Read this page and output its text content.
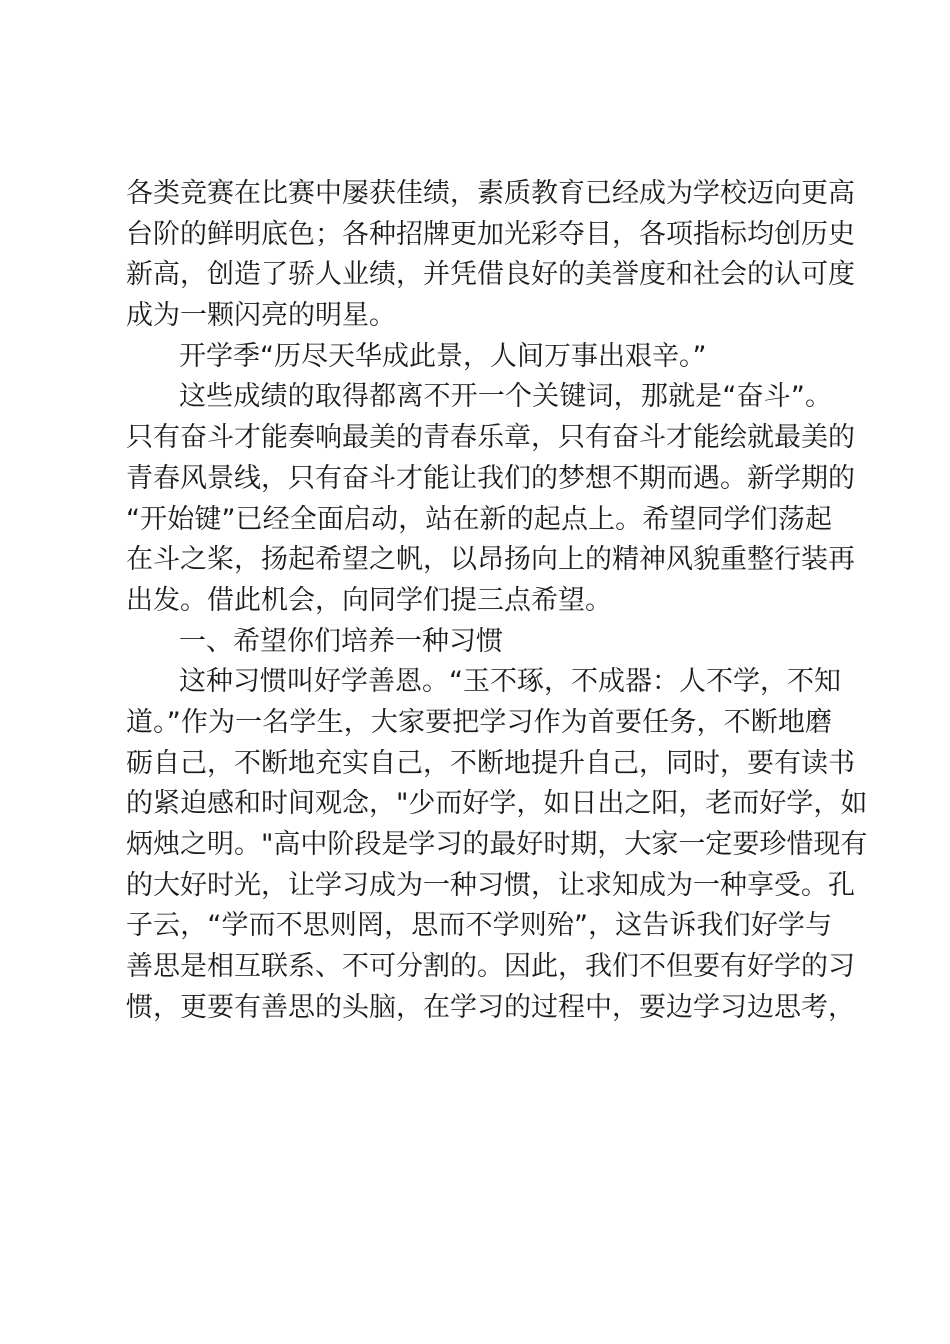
各类竞赛在比赛中屡获佳绩，素质教育已经成为学校迈向更高
台阶的鲜明底色；各种招牌更加光彩夺目，各项指标均创历史
新高，创造了骄人业绩，并凭借良好的美誉度和社会的认可度
成为一颗闪亮的明星。
开学季“历尽天华成此景，人间万事出艰辛。”
这些成绩的取得都离不开一个关键词，那就是“奋斗”。
只有奋斗才能奏响最美的青春乐章，只有奋斗才能绘就最美的
青春风景线，只有奋斗才能让我们的梦想不期而遇。新学期的
“开始键”已经全面启动，站在新的起点上。希望同学们荡起
在斗之桨，扬起希望之帆，以昂扬向上的精神风貌重整行装再
出发。借此机会，向同学们提三点希望。
一、希望你们培养一种习惯
这种习惯叫好学善恩。“玉不琢，不成器：人不学，不知
道。”作为一名学生，大家要把学习作为首要任务，不断地磨
砺自己，不断地充实自己，不断地提升自己，同时，要有读书
的紧迫感和时间观念，"少而好学，如日出之阳，老而好学，如
炳烛之明。"高中阶段是学习的最好时期，大家一定要珍惜现有
的大好时光，让学习成为一种习惯，让求知成为一种享受。孔
子云，“学而不思则罔，思而不学则殆”，这告诉我们好学与
善思是相互联系、不可分割的。因此，我们不但要有好学的习
惯，更要有善思的头脑，在学习的过程中，要边学习边思考，
